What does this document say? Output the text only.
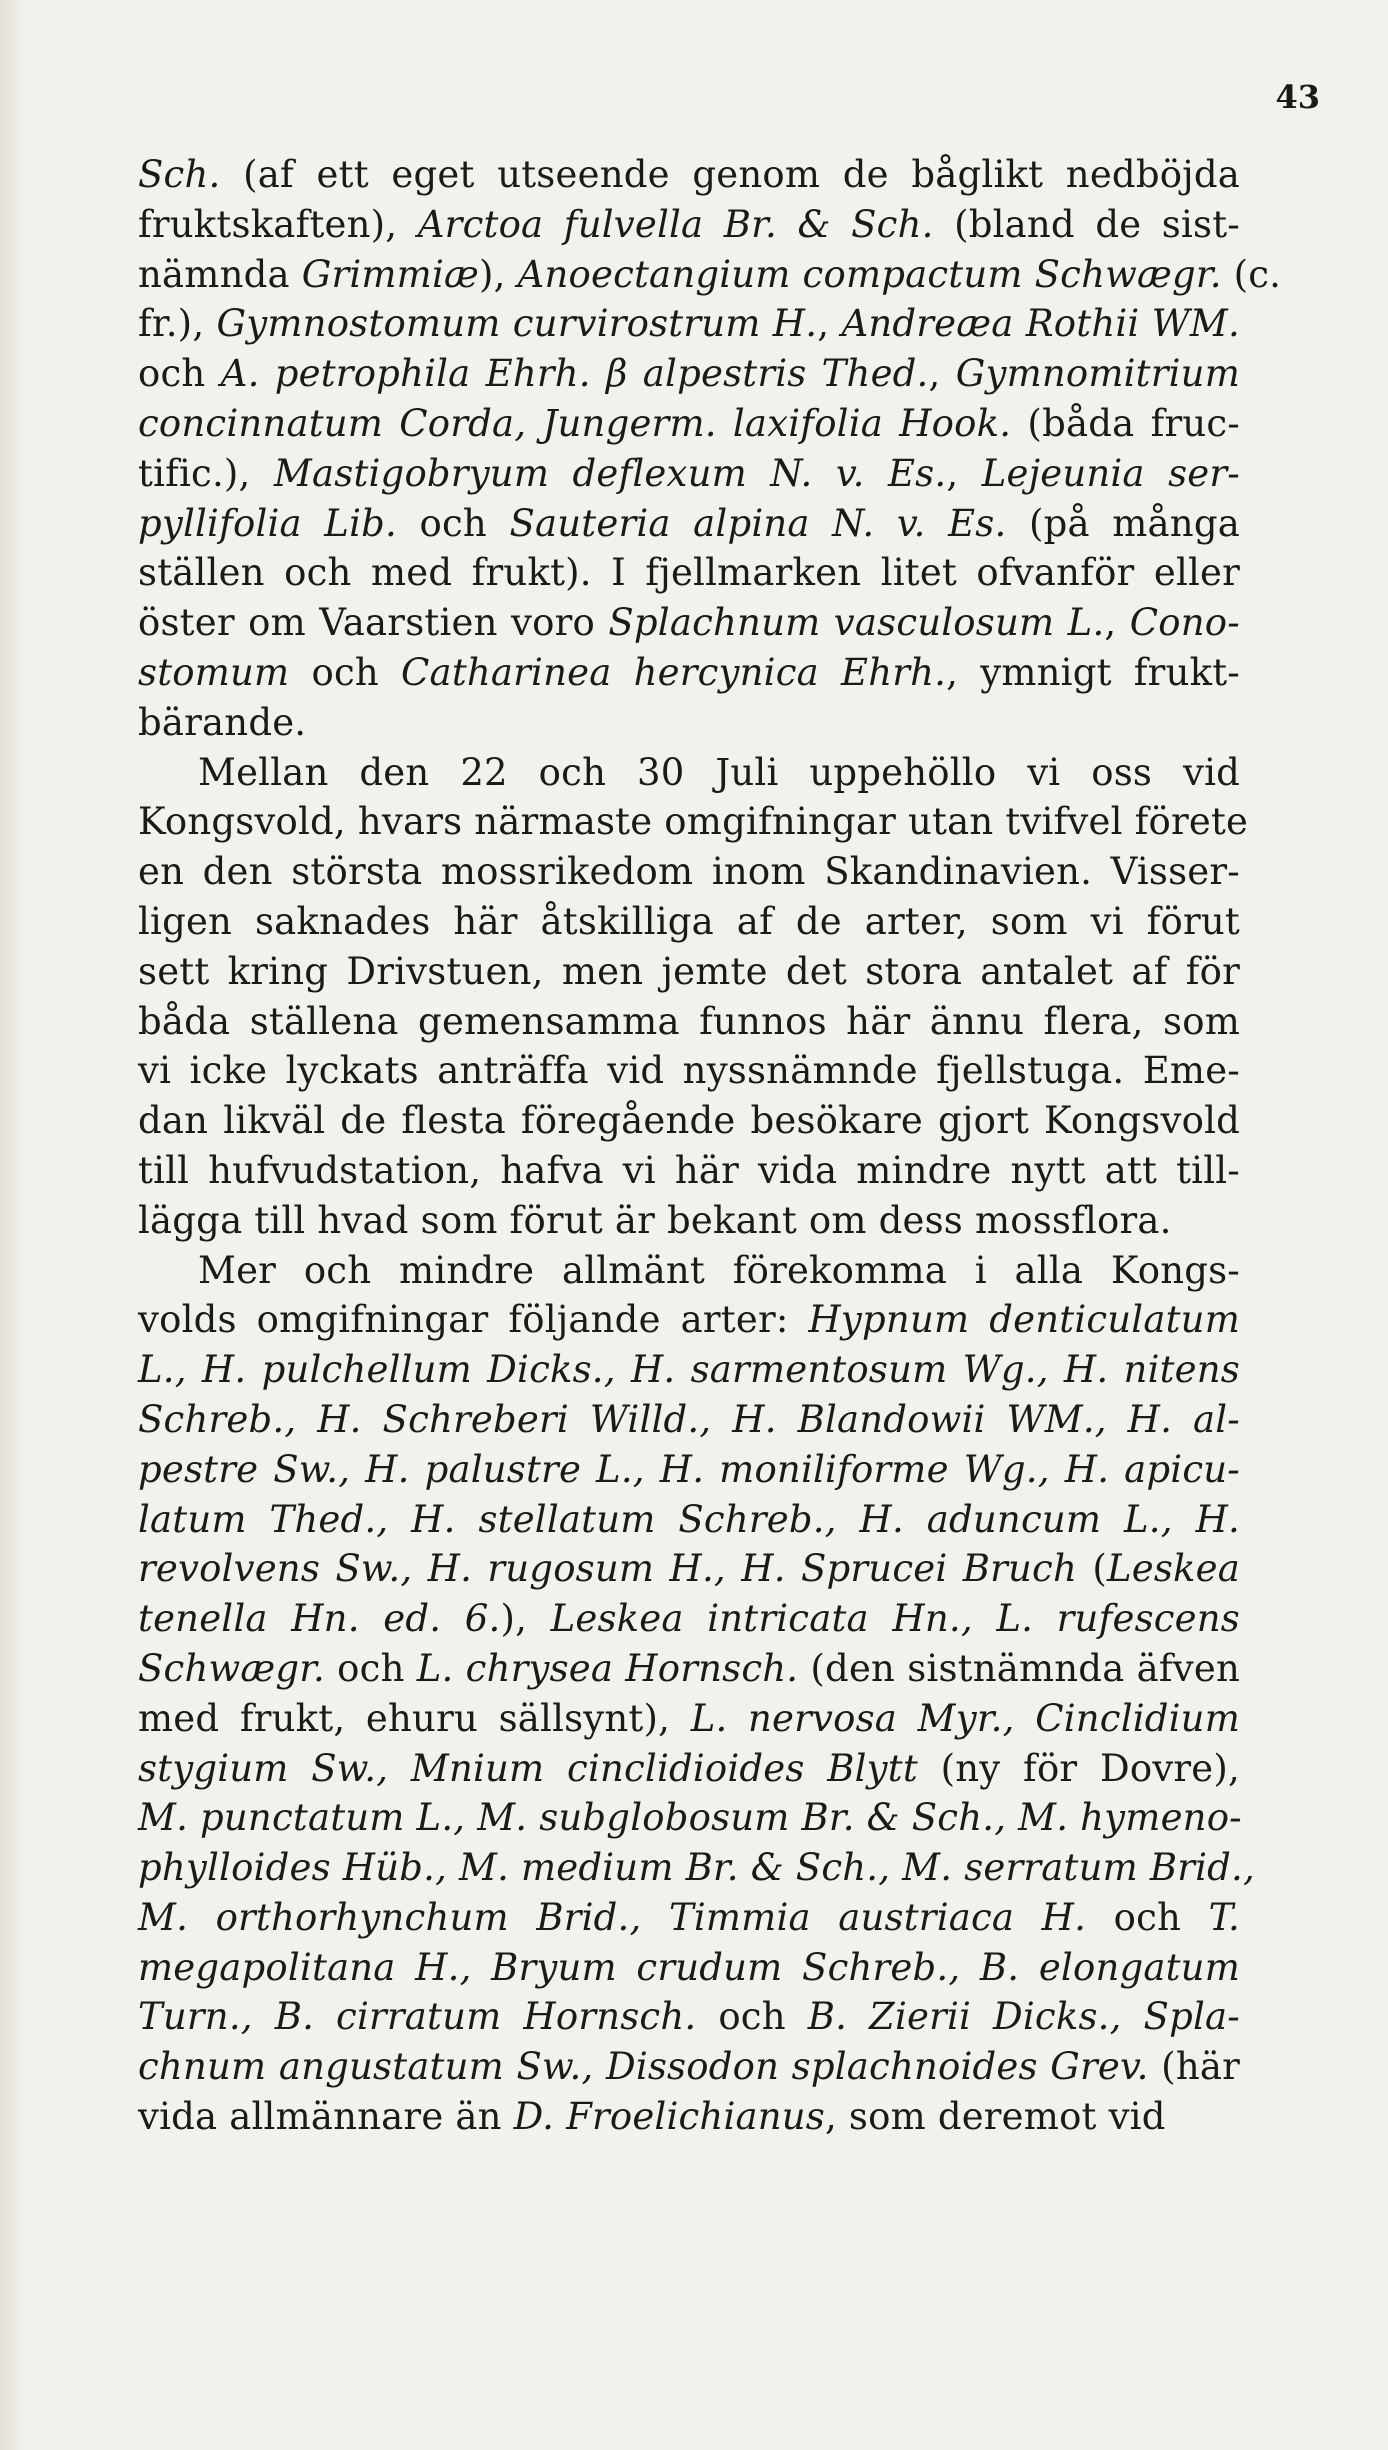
43
Sch. (af ett eget utseende genom de båglikt nedböjda
fruktskaften), Arctoa fulvella Br. & Sch. (bland de sist-
nämnda Grimmiæ), Anoectangium compactum Schwægr. (c.
fr.), Gymnostomum curvirostrum H., Andreæa Rothii WM.
och A. petrophila Ehrh. β alpestris Thed., Gymnomitrium
concinnatum Corda, Jungerm. laxifolia Hook. (båda fruc-
tific.), Mastigobryum deflexum N. v. Es., Lejeunia ser-
pyllifolia Lib. och Sauteria alpina N. v. Es. (på många
ställen och med frukt). I fjellmarken litet ofvanför eller
öster om Vaarstien voro Splachnum vasculosum L., Cono-
stomum och Catharinea hercynica Ehrh., ymnigt frukt-
bärande.
Mellan den 22 och 30 Juli uppehöllo vi oss vid
Kongsvold, hvars närmaste omgifningar utan tvifvel förete
en den största mossrikedom inom Skandinavien. Visser-
ligen saknades här åtskilliga af de arter, som vi förut
sett kring Drivstuen, men jemte det stora antalet af för
båda ställena gemensamma funnos här ännu flera, som
vi icke lyckats anträffa vid nyssnämnde fjellstuga. Eme-
dan likväl de flesta föregående besökare gjort Kongsvold
till hufvudstation, hafva vi här vida mindre nytt att till-
lägga till hvad som förut är bekant om dess mossflora.
Mer och mindre allmänt förekomma i alla Kongs-
volds omgifningar följande arter: Hypnum denticulatum
L., H. pulchellum Dicks., H. sarmentosum Wg., H. nitens
Schreb., H. Schreberi Willd., H. Blandowii WM., H. al-
pestre Sw., H. palustre L., H. moniliforme Wg., H. apicu-
latum Thed., H. stellatum Schreb., H. aduncum L., H.
revolvens Sw., H. rugosum H., H. Sprucei Bruch (Leskea
tenella Hn. ed. 6.), Leskea intricata Hn., L. rufescens
Schwægr. och L. chrysea Hornsch. (den sistnämnda äfven
med frukt, ehuru sällsynt), L. nervosa Myr., Cinclidium
stygium Sw., Mnium cinclidioides Blytt (ny för Dovre),
M. punctatum L., M. subglobosum Br. & Sch., M. hymeno-
phylloides Hüb., M. medium Br. & Sch., M. serratum Brid.,
M. orthorhynchum Brid., Timmia austriaca H. och T.
megapolitana H., Bryum crudum Schreb., B. elongatum
Turn., B. cirratum Hornsch. och B. Zierii Dicks., Spla-
chnum angustatum Sw., Dissodon splachnoides Grev. (här
vida allmännare än D. Froelichianus, som deremot vid
